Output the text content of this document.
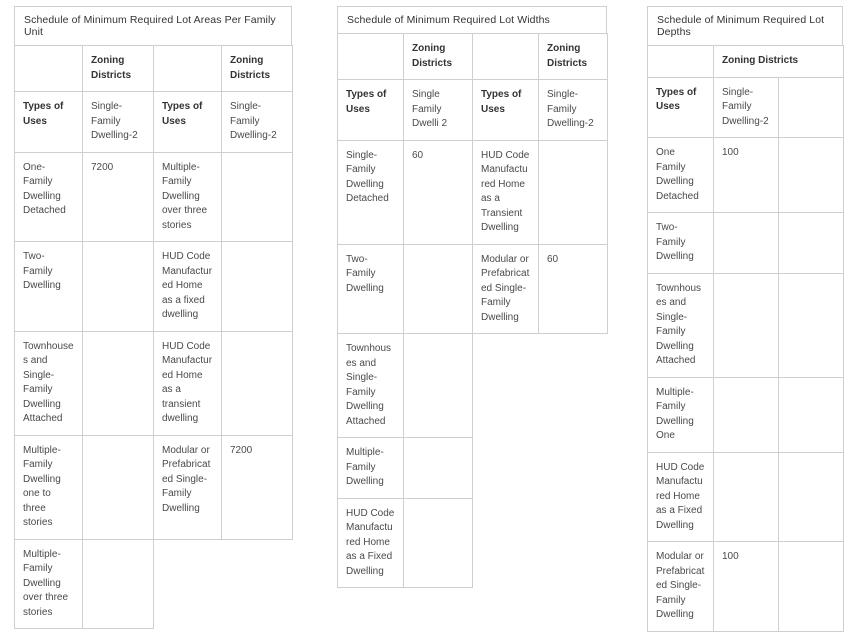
Schedule of Minimum Required Lot Areas Per Family Unit
	Zoning Districts		Zoning Districts
Types of Uses	Single-Family Dwelling-2	Types of Uses	Single-Family Dwelling-2
One-Family Dwelling Detached	7200	Multiple-Family Dwelling over three stories	
Two-Family Dwelling		HUD Code Manufactured Home as a fixed dwelling	
Townhouses and Single-Family Dwelling Attached		HUD Code Manufactured Home as a transient dwelling	
Multiple-Family Dwelling one to three stories		Modular or Prefabricated Single-Family Dwelling	7200
Multiple-Family Dwelling over three stories			
Schedule of Minimum Required Lot Widths
	Zoning Districts		Zoning Districts
Types of Uses	Single Family Dwelli 2	Types of Uses	Single-Family Dwelling-2
Single-Family Dwelling Detached	60	HUD Code Manufactured Home as a Transient Dwelling	
Two-Family Dwelling		Modular or Prefabricated Single-Family Dwelling	60
Townhouses and Single-Family Dwelling Attached			
Multiple-Family Dwelling			
HUD Code Manufactured Home as a Fixed Dwelling			
Schedule of Minimum Required Lot Depths
	Zoning Districts	
Types of Uses	Single-Family Dwelling-2	
One Family Dwelling Detached	100	
Two-Family Dwelling		
Townhouses and Single-Family Dwelling Attached		
Multiple-Family Dwelling One		
HUD Code Manufactured Home as a Fixed Dwelling		
Modular or Prefabricated Single-Family Dwelling	100	
